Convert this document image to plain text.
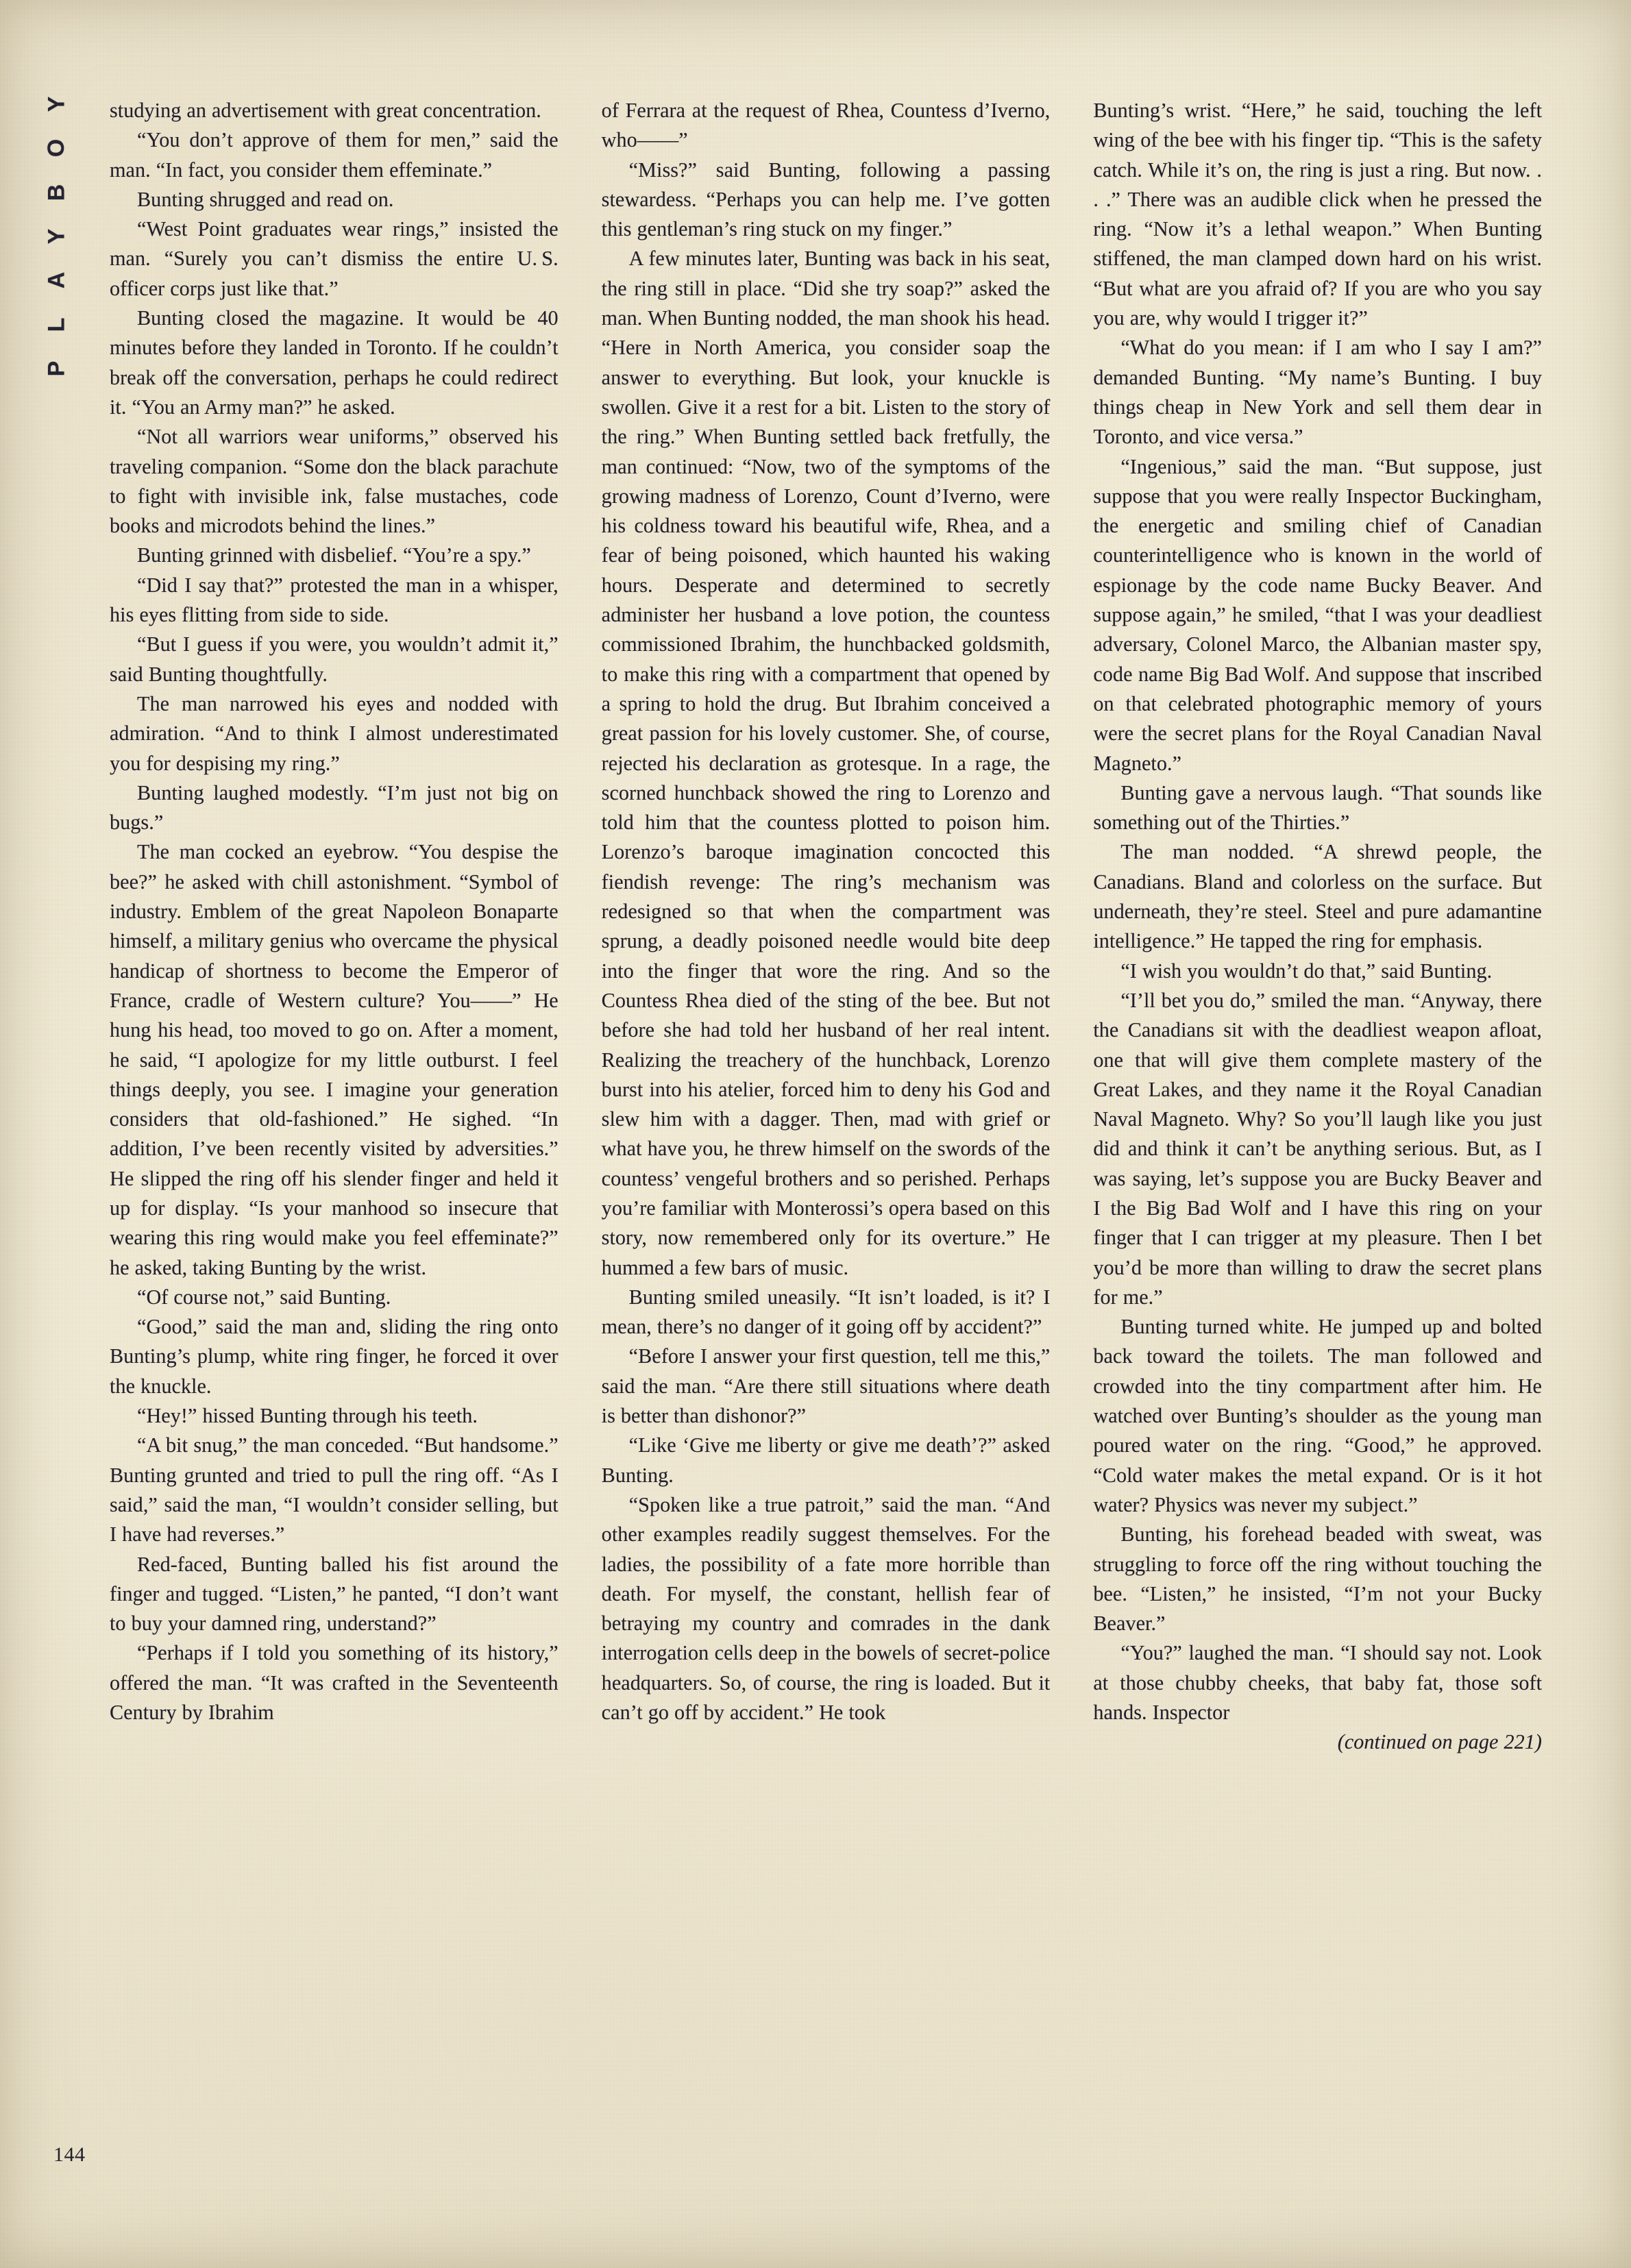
Y
O
B
Y
A
L
P
144

studying an advertisement with great concentration.

“You don’t approve of them for men,” said the man. “In fact, you consider them effeminate.”

Bunting shrugged and read on.

“West Point graduates wear rings,” insisted the man. “Surely you can’t dismiss the entire U. S. officer corps just like that.”

Bunting closed the magazine. It would be 40 minutes before they landed in Toronto. If he couldn’t break off the conversation, perhaps he could redirect it. “You an Army man?” he asked.

“Not all warriors wear uniforms,” observed his traveling companion. “Some don the black parachute to fight with invisible ink, false mustaches, code books and microdots behind the lines.”

Bunting grinned with disbelief. “You’re a spy.”

“Did I say that?” protested the man in a whisper, his eyes flitting from side to side.

“But I guess if you were, you wouldn’t admit it,” said Bunting thoughtfully.

The man narrowed his eyes and nodded with admiration. “And to think I almost underestimated you for despising my ring.”

Bunting laughed modestly. “I’m just not big on bugs.”

The man cocked an eyebrow. “You despise the bee?” he asked with chill astonishment. “Symbol of industry. Emblem of the great Napoleon Bonaparte himself, a military genius who overcame the physical handicap of shortness to become the Emperor of France, cradle of Western culture? You——” He hung his head, too moved to go on. After a moment, he said, “I apologize for my little outburst. I feel things deeply, you see. I imagine your generation considers that old-fashioned.” He sighed. “In addition, I’ve been recently visited by adversities.” He slipped the ring off his slender finger and held it up for display. “Is your manhood so insecure that wearing this ring would make you feel effeminate?” he asked, taking Bunting by the wrist.

“Of course not,” said Bunting.

“Good,” said the man and, sliding the ring onto Bunting’s plump, white ring finger, he forced it over the knuckle.

“Hey!” hissed Bunting through his teeth.

“A bit snug,” the man conceded. “But handsome.” Bunting grunted and tried to pull the ring off. “As I said,” said the man, “I wouldn’t consider selling, but I have had reverses.”

Red-faced, Bunting balled his fist around the finger and tugged. “Listen,” he panted, “I don’t want to buy your damned ring, understand?”

“Perhaps if I told you something of its history,” offered the man. “It was crafted in the Seventeenth Century by Ibrahim

of Ferrara at the request of Rhea, Countess d’Iverno, who——”

“Miss?” said Bunting, following a passing stewardess. “Perhaps you can help me. I’ve gotten this gentleman’s ring stuck on my finger.”

A few minutes later, Bunting was back in his seat, the ring still in place. “Did she try soap?” asked the man. When Bunting nodded, the man shook his head. “Here in North America, you consider soap the answer to everything. But look, your knuckle is swollen. Give it a rest for a bit. Listen to the story of the ring.” When Bunting settled back fretfully, the man continued: “Now, two of the symptoms of the growing madness of Lorenzo, Count d’Iverno, were his coldness toward his beautiful wife, Rhea, and a fear of being poisoned, which haunted his waking hours. Desperate and determined to secretly administer her husband a love potion, the countess commissioned Ibrahim, the hunchbacked goldsmith, to make this ring with a compartment that opened by a spring to hold the drug. But Ibrahim conceived a great passion for his lovely customer. She, of course, rejected his declaration as grotesque. In a rage, the scorned hunchback showed the ring to Lorenzo and told him that the countess plotted to poison him. Lorenzo’s baroque imagination concocted this fiendish revenge: The ring’s mechanism was redesigned so that when the compartment was sprung, a deadly poisoned needle would bite deep into the finger that wore the ring. And so the Countess Rhea died of the sting of the bee. But not before she had told her husband of her real intent. Realizing the treachery of the hunchback, Lorenzo burst into his atelier, forced him to deny his God and slew him with a dagger. Then, mad with grief or what have you, he threw himself on the swords of the countess’ vengeful brothers and so perished. Perhaps you’re familiar with Monterossi’s opera based on this story, now remembered only for its overture.” He hummed a few bars of music.

Bunting smiled uneasily. “It isn’t loaded, is it? I mean, there’s no danger of it going off by accident?”

“Before I answer your first question, tell me this,” said the man. “Are there still situations where death is better than dishonor?”

“Like ‘Give me liberty or give me death’?” asked Bunting.

“Spoken like a true patroit,” said the man. “And other examples readily suggest themselves. For the ladies, the possibility of a fate more horrible than death. For myself, the constant, hellish fear of betraying my country and comrades in the dank interrogation cells deep in the bowels of secret-police headquarters. So, of course, the ring is loaded. But it can’t go off by accident.” He took

Bunting’s wrist. “Here,” he said, touching the left wing of the bee with his finger tip. “This is the safety catch. While it’s on, the ring is just a ring. But now. . . .” There was an audible click when he pressed the ring. “Now it’s a lethal weapon.” When Bunting stiffened, the man clamped down hard on his wrist. “But what are you afraid of? If you are who you say you are, why would I trigger it?”

“What do you mean: if I am who I say I am?” demanded Bunting. “My name’s Bunting. I buy things cheap in New York and sell them dear in Toronto, and vice versa.”

“Ingenious,” said the man. “But suppose, just suppose that you were really Inspector Buckingham, the energetic and smiling chief of Canadian counterintelligence who is known in the world of espionage by the code name Bucky Beaver. And suppose again,” he smiled, “that I was your deadliest adversary, Colonel Marco, the Albanian master spy, code name Big Bad Wolf. And suppose that inscribed on that celebrated photographic memory of yours were the secret plans for the Royal Canadian Naval Magneto.”

Bunting gave a nervous laugh. “That sounds like something out of the Thirties.”

The man nodded. “A shrewd people, the Canadians. Bland and colorless on the surface. But underneath, they’re steel. Steel and pure adamantine intelligence.” He tapped the ring for emphasis.

“I wish you wouldn’t do that,” said Bunting.

“I’ll bet you do,” smiled the man. “Anyway, there the Canadians sit with the deadliest weapon afloat, one that will give them complete mastery of the Great Lakes, and they name it the Royal Canadian Naval Magneto. Why? So you’ll laugh like you just did and think it can’t be anything serious. But, as I was saying, let’s suppose you are Bucky Beaver and I the Big Bad Wolf and I have this ring on your finger that I can trigger at my pleasure. Then I bet you’d be more than willing to draw the secret plans for me.”

Bunting turned white. He jumped up and bolted back toward the toilets. The man followed and crowded into the tiny compartment after him. He watched over Bunting’s shoulder as the young man poured water on the ring. “Good,” he approved. “Cold water makes the metal expand. Or is it hot water? Physics was never my subject.”

Bunting, his forehead beaded with sweat, was struggling to force off the ring without touching the bee. “Listen,” he insisted, “I’m not your Bucky Beaver.”

“You?” laughed the man. “I should say not. Look at those chubby cheeks, that baby fat, those soft hands. Inspector

(continued on page 221)
